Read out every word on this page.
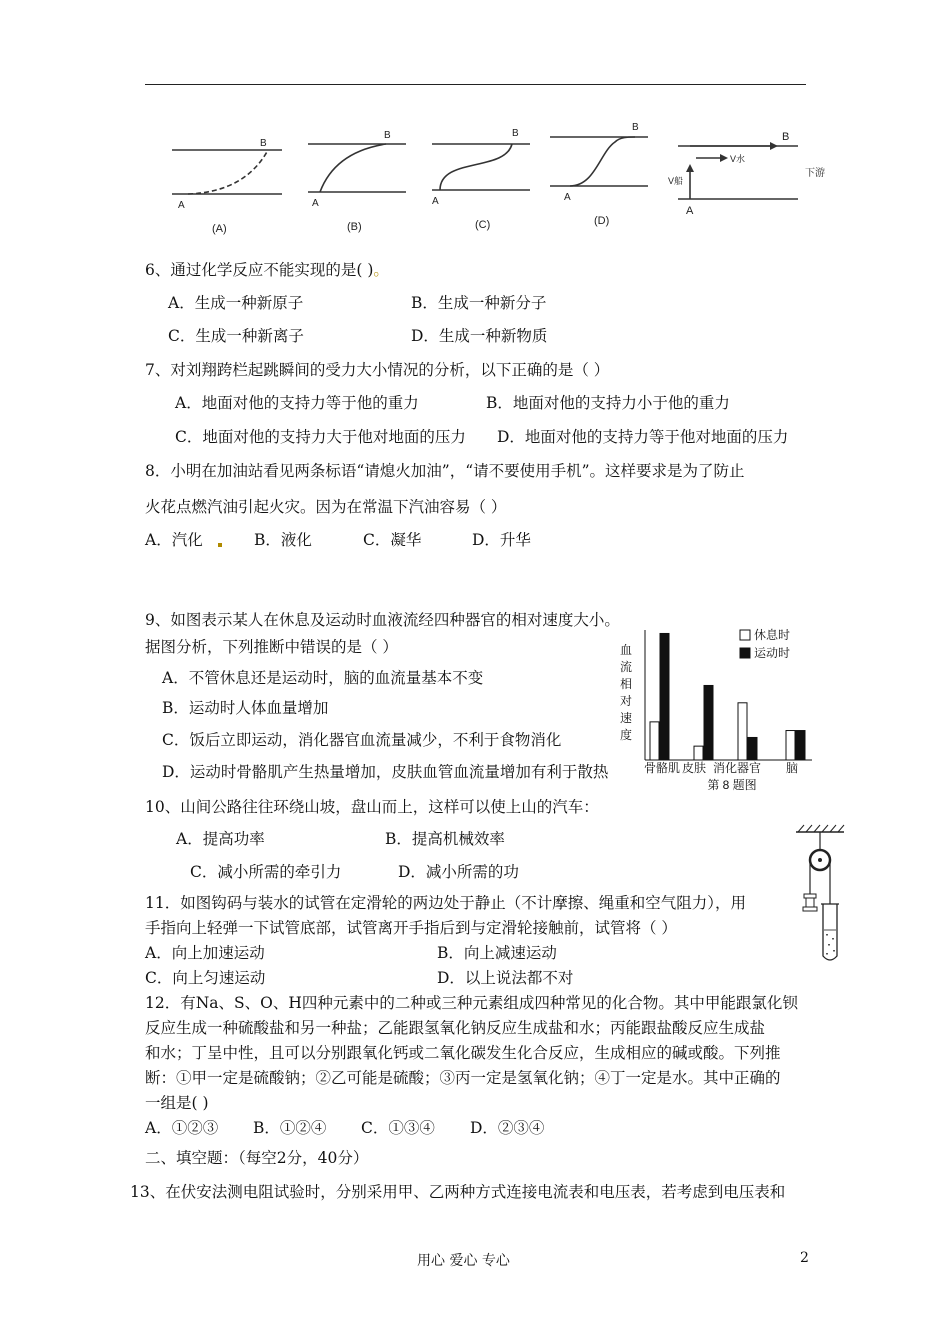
A
B
(A)
A
B
(B)
A
B
(C)
A
B
(D)
B
A
V水
V船
下游
6、通过化学反应不能实现的是( )。
A．生成一种新原子	B．生成一种新分子
C．生成一种新离子	D．生成一种新物质
7、对刘翔跨栏起跳瞬间的受力大小情况的分析，以下正确的是（ ）
A．地面对他的支持力等于他的重力	B．地面对他的支持力小于他的重力
C．地面对他的支持力大于他对地面的压力 D．地面对他的支持力等于他对地面的压力
8．小明在加油站看见两条标语“请熄火加油”，“请不要使用手机”。这样要求是为了防止
火花点燃汽油引起火灾。因为在常温下汽油容易（ ）
A．汽化	B．液化	C．凝华	D．升华
9、如图表示某人在休息及运动时血液流经四种器官的相对速度大小。
据图分析，下列推断中错误的是（ ）
A．不管休息还是运动时，脑的血流量基本不变
B．运动时人体血量增加
C．饭后立即运动，消化器官血流量减少，不利于食物消化
D．运动时骨骼肌产生热量增加，皮肤血管血流量增加有利于散热
血
流
相
对
速
度
骨骼肌 皮肤 消化器官 脑
休息时
运动时
第 8 题图
10、山间公路往往环绕山坡，盘山而上，这样可以使上山的汽车：
A．提高功率	B．提高机械效率
C．减小所需的牵引力	D．减小所需的功
11．如图钩码与装水的试管在定滑轮的两边处于静止（不计摩擦、绳重和空气阻力），用
手指向上轻弹一下试管底部，试管离开手指后到与定滑轮接触前，试管将（ ）
A．向上加速运动	B．向上减速运动
C．向上匀速运动	D．以上说法都不对
12．有Na、S、O、H四种元素中的二种或三种元素组成四种常见的化合物。其中甲能跟氯化钡
反应生成一种硫酸盐和另一种盐；乙能跟氢氧化钠反应生成盐和水；丙能跟盐酸反应生成盐
和水；丁呈中性，且可以分别跟氧化钙或二氧化碳发生化合反应，生成相应的碱或酸。下列推
断：①甲一定是硫酸钠；②乙可能是硫酸；③丙一定是氢氧化钠；④丁一定是水。其中正确的
一组是( )
A．①②③ B．①②④ C．①③④ D．②③④
二、填空题：（每空2分，40分）
13、在伏安法测电阻试验时，分别采用甲、乙两种方式连接电流表和电压表，若考虑到电压表和
用心 爱心 专心	2
